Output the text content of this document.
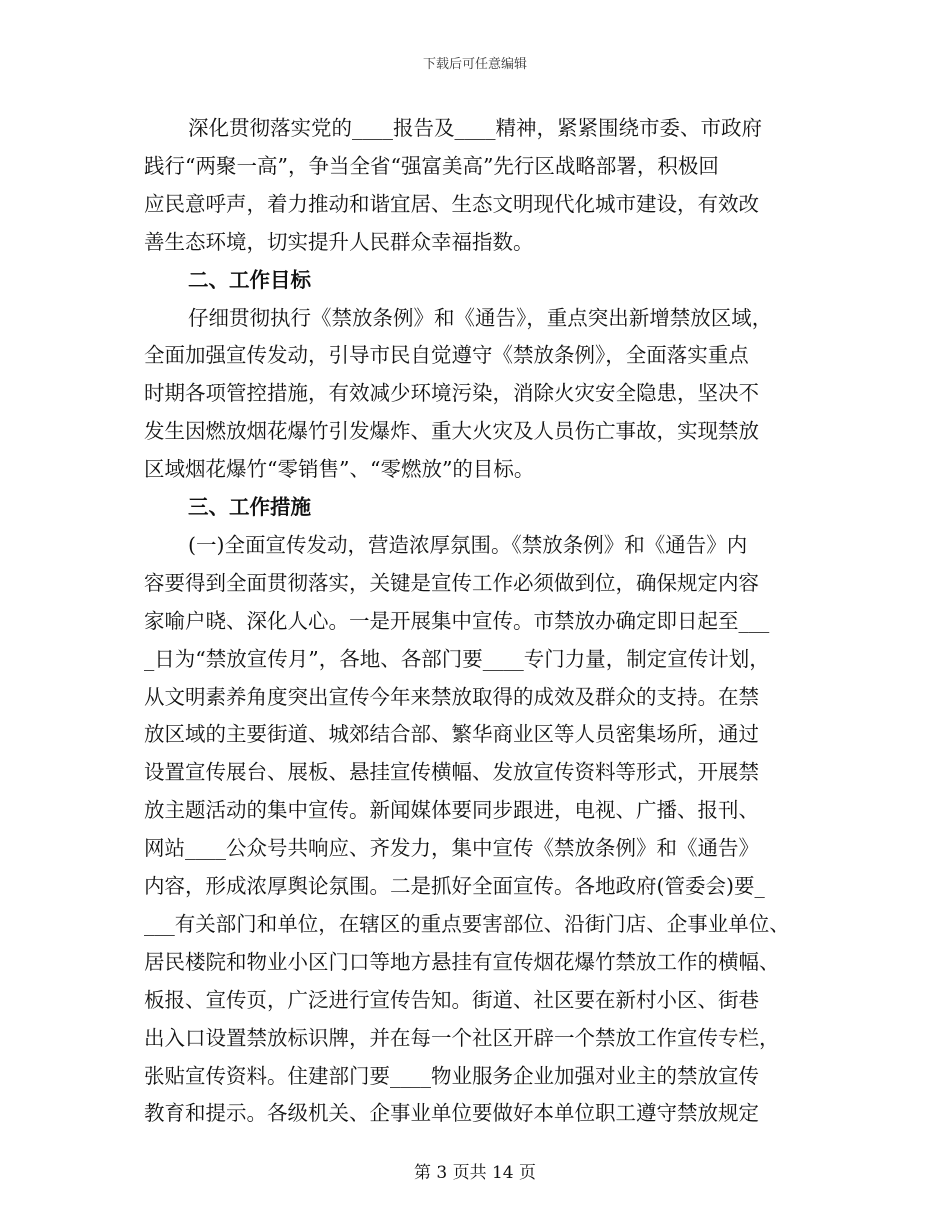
下载后可任意编辑
深化贯彻落实党的____报告及____精神，紧紧围绕市委、市政府
践行“两聚一高”，争当全省“强富美高”先行区战略部署，积极回
应民意呼声，着力推动和谐宜居、生态文明现代化城市建设，有效改
善生态环境，切实提升人民群众幸福指数。
二、工作目标
仔细贯彻执行《禁放条例》和《通告》，重点突出新增禁放区域，
全面加强宣传发动，引导市民自觉遵守《禁放条例》，全面落实重点
时期各项管控措施，有效减少环境污染，消除火灾安全隐患，坚决不
发生因燃放烟花爆竹引发爆炸、重大火灾及人员伤亡事故，实现禁放
区域烟花爆竹“零销售”、“零燃放”的目标。
三、工作措施
(一)全面宣传发动，营造浓厚氛围。《禁放条例》和《通告》内
容要得到全面贯彻落实，关键是宣传工作必须做到位，确保规定内容
家喻户晓、深化人心。一是开展集中宣传。市禁放办确定即日起至___
_日为“禁放宣传月”，各地、各部门要____专门力量，制定宣传计划，
从文明素养角度突出宣传今年来禁放取得的成效及群众的支持。在禁
放区域的主要街道、城郊结合部、繁华商业区等人员密集场所，通过
设置宣传展台、展板、悬挂宣传横幅、发放宣传资料等形式，开展禁
放主题活动的集中宣传。新闻媒体要同步跟进，电视、广播、报刊、
网站____公众号共响应、齐发力，集中宣传《禁放条例》和《通告》
内容，形成浓厚舆论氛围。二是抓好全面宣传。各地政府(管委会)要_
___有关部门和单位，在辖区的重点要害部位、沿街门店、企事业单位、
居民楼院和物业小区门口等地方悬挂有宣传烟花爆竹禁放工作的横幅、
板报、宣传页，广泛进行宣传告知。街道、社区要在新村小区、街巷
出入口设置禁放标识牌，并在每一个社区开辟一个禁放工作宣传专栏，
张贴宣传资料。住建部门要____物业服务企业加强对业主的禁放宣传
教育和提示。各级机关、企事业单位要做好本单位职工遵守禁放规定
第 3 页共 14 页
